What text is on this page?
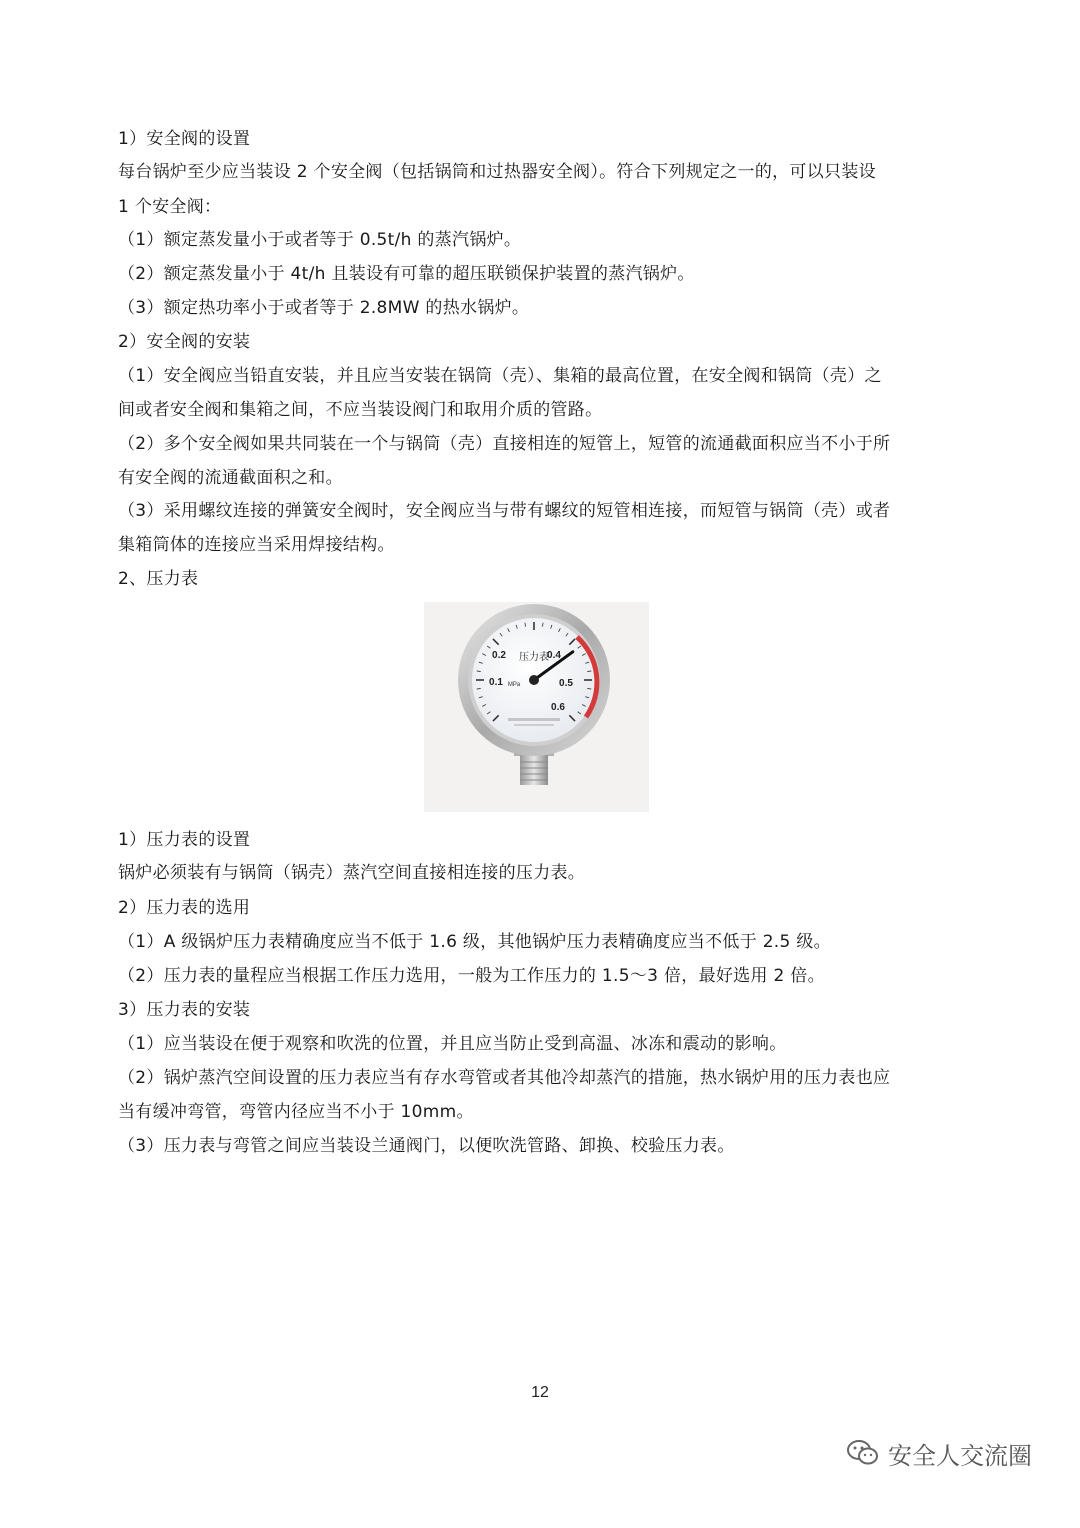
1）安全阀的设置
每台锅炉至少应当装设 2 个安全阀（包括锅筒和过热器安全阀）。符合下列规定之一的，可以只装设
1 个安全阀：
（1）额定蒸发量小于或者等于 0.5t/h 的蒸汽锅炉。
（2）额定蒸发量小于 4t/h 且装设有可靠的超压联锁保护装置的蒸汽锅炉。
（3）额定热功率小于或者等于 2.8MW 的热水锅炉。
2）安全阀的安装
（1）安全阀应当铅直安装，并且应当安装在锅筒（壳）、集箱的最高位置，在安全阀和锅筒（壳）之
间或者安全阀和集箱之间，不应当装设阀门和取用介质的管路。
（2）多个安全阀如果共同装在一个与锅筒（壳）直接相连的短管上，短管的流通截面积应当不小于所
有安全阀的流通截面积之和。
（3）采用螺纹连接的弹簧安全阀时，安全阀应当与带有螺纹的短管相连接，而短管与锅筒（壳）或者
集箱筒体的连接应当采用焊接结构。
2、压力表
压力表
MPa
0.2
0.1
0.4
0.5
0.6
1）压力表的设置
锅炉必须装有与锅筒（锅壳）蒸汽空间直接相连接的压力表。
2）压力表的选用
（1）A 级锅炉压力表精确度应当不低于 1.6 级，其他锅炉压力表精确度应当不低于 2.5 级。
（2）压力表的量程应当根据工作压力选用，一般为工作压力的 1.5～3 倍，最好选用 2 倍。
3）压力表的安装
（1）应当装设在便于观察和吹洗的位置，并且应当防止受到高温、冰冻和震动的影响。
（2）锅炉蒸汽空间设置的压力表应当有存水弯管或者其他冷却蒸汽的措施，热水锅炉用的压力表也应
当有缓冲弯管，弯管内径应当不小于 10mm。
（3）压力表与弯管之间应当装设兰通阀门，以便吹洗管路、卸换、校验压力表。
12
安全人交流圈
